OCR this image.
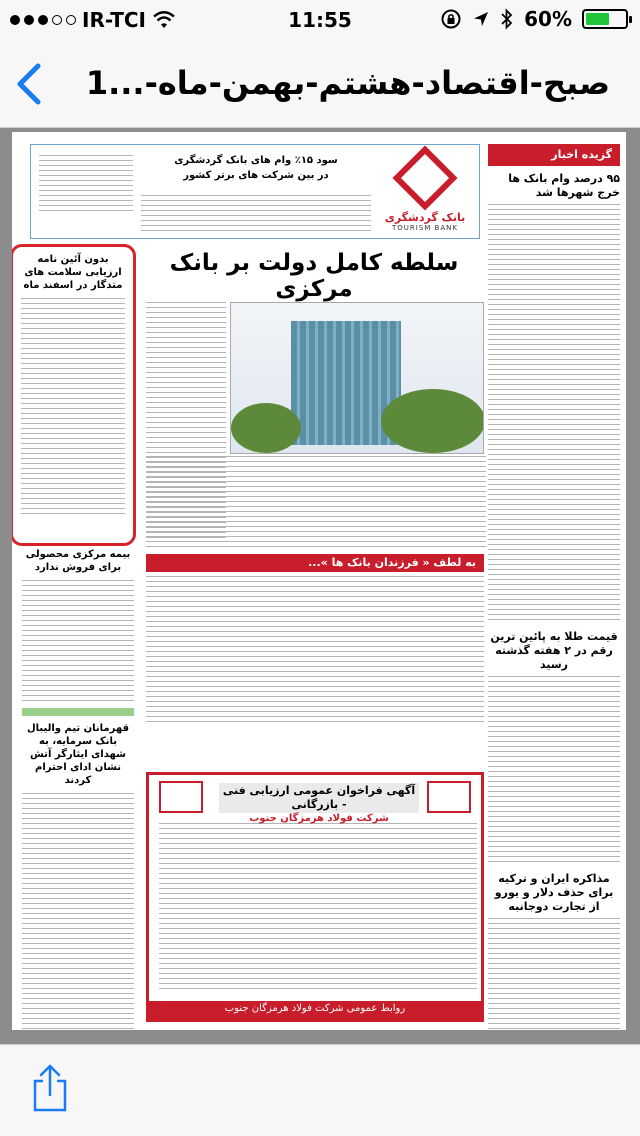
IR-TCI	11:55	60%
صبح-اقتصاد-هشتم-بهمن-ماه-...1
بانک گردشگری
TOURISM BANK
سود ۱۵٪ وام های بانک گردشگری
در بین شرکت های برتر کشور
گزیده اخبار
۹۵ درصد وام بانک ها خرج شهرها شد
قیمت طلا به پائین ترین رقم در ۲ هفته گذشته رسید
مذاکره ایران و ترکیه برای حذف دلار و یورو از تجارت دوجانبه
سلطه کامل دولت بر بانک مرکزی
به لطف « فرزندان بانک ها »...
آگهی فراخوان عمومی ارزیابی فنی - بازرگانی
شرکت فولاد هرمزگان جنوب
روابط عمومی شرکت فولاد هرمزگان جنوب
بدون آئین نامه ارزیابی سلامت های متدگار در اسفند ماه
بیمه مرکزی محصولی برای فروش ندارد
قهرمانان تیم والیبال بانک سرمایه، به شهدای ایثارگر آتش نشان ادای احترام کردند
